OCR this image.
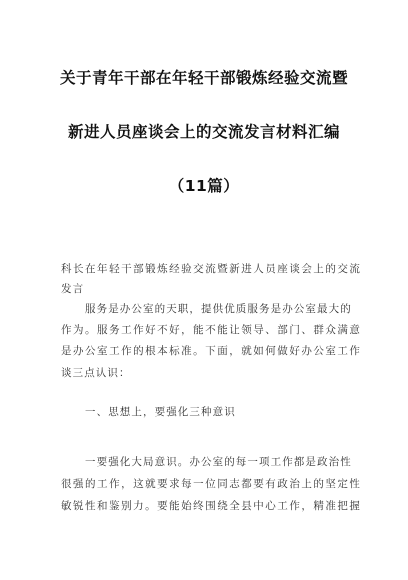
关于青年干部在年轻干部锻炼经验交流暨
新进人员座谈会上的交流发言材料汇编
（11篇）
科长在年轻干部锻炼经验交流暨新进人员座谈会上的交流
发言
服务是办公室的天职，提供优质服务是办公室最大的
作为。服务工作好不好，能不能让领导、部门、群众满意
是办公室工作的根本标准。下面，就如何做好办公室工作
谈三点认识：
一、思想上，要强化三种意识
一要强化大局意识。办公室的每一项工作都是政治性
很强的工作，这就要求每一位同志都要有政治上的坚定性
敏锐性和鉴别力。要能始终围绕全县中心工作，精准把握
